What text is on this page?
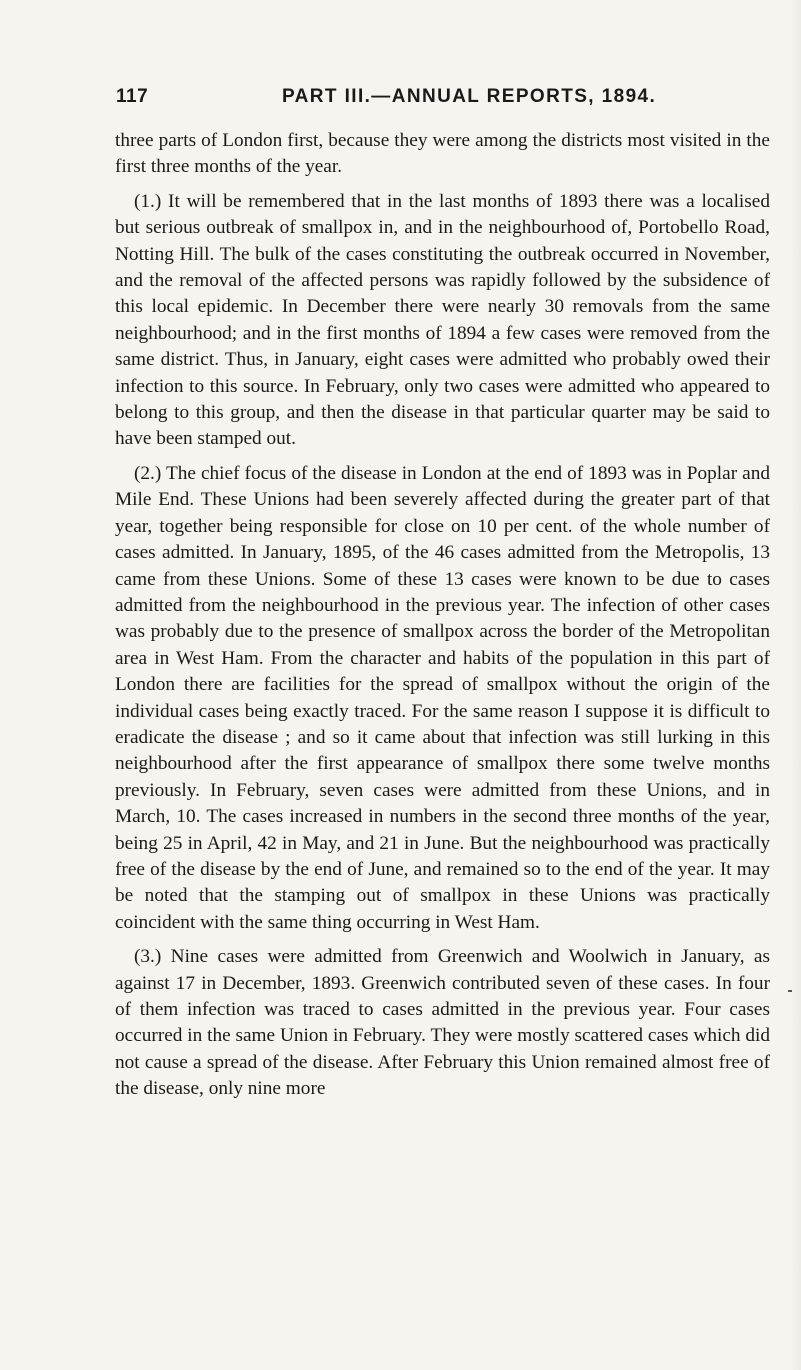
117	PART III.—ANNUAL REPORTS, 1894.

three parts of London first, because they were among the districts most visited in the first three months of the year.

(1.) It will be remembered that in the last months of 1893 there was a localised but serious outbreak of smallpox in, and in the neighbourhood of, Portobello Road, Notting Hill. The bulk of the cases constituting the outbreak occurred in November, and the removal of the affected persons was rapidly followed by the subsidence of this local epidemic. In December there were nearly 30 removals from the same neighbourhood; and in the first months of 1894 a few cases were removed from the same district. Thus, in January, eight cases were admitted who probably owed their infection to this source. In February, only two cases were admitted who appeared to belong to this group, and then the disease in that particular quarter may be said to have been stamped out.

(2.) The chief focus of the disease in London at the end of 1893 was in Poplar and Mile End. These Unions had been severely affected during the greater part of that year, together being responsible for close on 10 per cent. of the whole number of cases admitted. In January, 1895, of the 46 cases admitted from the Metropolis, 13 came from these Unions. Some of these 13 cases were known to be due to cases admitted from the neighbourhood in the previous year. The infection of other cases was probably due to the presence of smallpox across the border of the Metropolitan area in West Ham. From the character and habits of the population in this part of London there are facilities for the spread of smallpox without the origin of the individual cases being exactly traced. For the same reason I suppose it is difficult to eradicate the disease ; and so it came about that infection was still lurking in this neighbourhood after the first appearance of smallpox there some twelve months previously. In February, seven cases were admitted from these Unions, and in March, 10. The cases increased in numbers in the second three months of the year, being 25 in April, 42 in May, and 21 in June. But the neighbourhood was practically free of the disease by the end of June, and remained so to the end of the year. It may be noted that the stamping out of smallpox in these Unions was practically coincident with the same thing occurring in West Ham.

(3.) Nine cases were admitted from Greenwich and Woolwich in January, as against 17 in December, 1893. Greenwich contributed seven of these cases. In four of them infection was traced to cases admitted in the previous year. Four cases occurred in the same Union in February. They were mostly scattered cases which did not cause a spread of the disease. After February this Union remained almost free of the disease, only nine more
